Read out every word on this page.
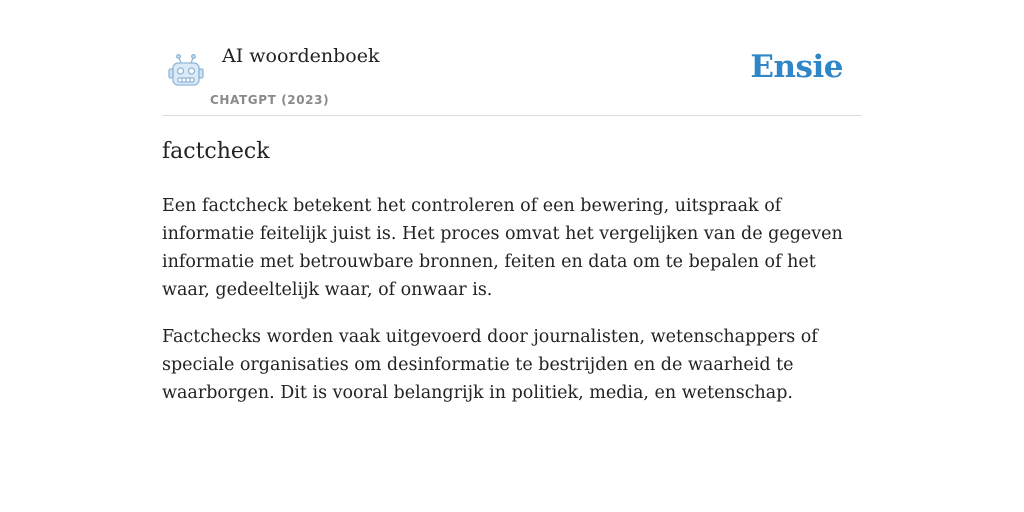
AI woordenboek
CHATGPT (2023)
Ensie
factcheck

Een factcheck betekent het controleren of een bewering, uitspraak of informatie feitelijk juist is. Het proces omvat het vergelijken van de gegeven informatie met betrouwbare bronnen, feiten en data om te bepalen of het waar, gedeeltelijk waar, of onwaar is.

Factchecks worden vaak uitgevoerd door journalisten, wetenschappers of speciale organisaties om desinformatie te bestrijden en de waarheid te waarborgen. Dit is vooral belangrijk in politiek, media, en wetenschap.
